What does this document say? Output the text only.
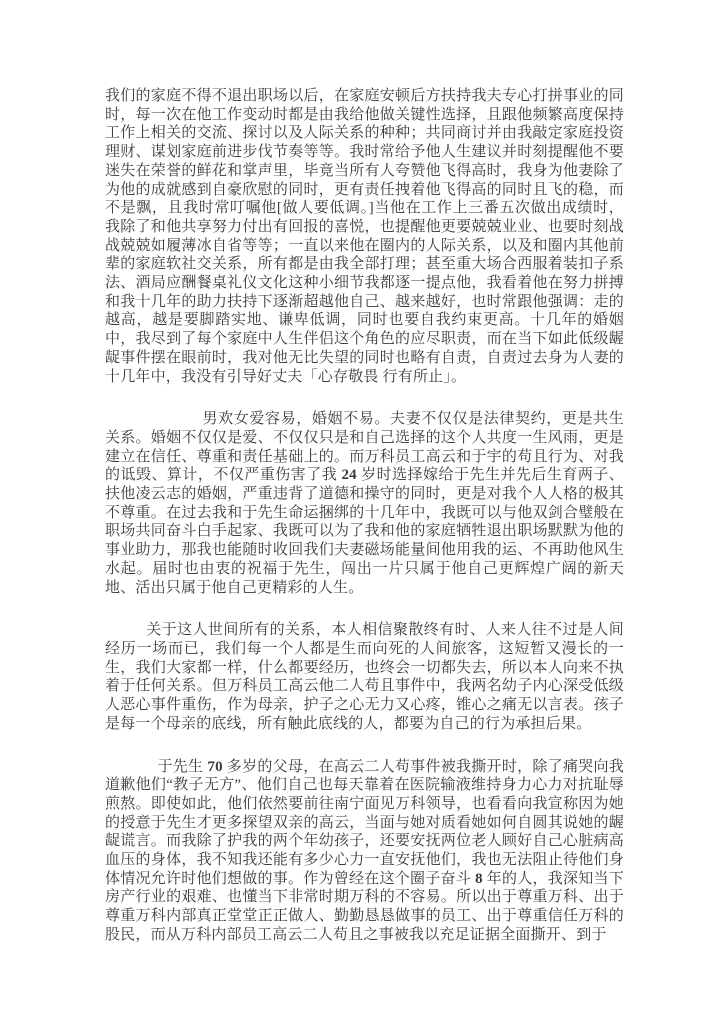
我们的家庭不得不退出职场以后，在家庭安顿后方扶持我夫专心打拼事业的同时，每一次在他工作变动时都是由我给他做关键性选择，且跟他频繁高度保持工作上相关的交流、探讨以及人际关系的种种；共同商讨并由我敲定家庭投资理财、谋划家庭前进步伐节奏等等。我时常给予他人生建议并时刻提醒他不要迷失在荣誉的鲜花和掌声里，毕竟当所有人夸赞他飞得高时，我身为他妻除了为他的成就感到自豪欣慰的同时，更有责任拽着他飞得高的同时且飞的稳，而不是飘，且我时常叮嘱他[做人要低调。]当他在工作上三番五次做出成绩时，我除了和他共享努力付出有回报的喜悦，也提醒他更要兢兢业业、也要时刻战战兢兢如履薄冰自省等等；一直以来他在圈内的人际关系，以及和圈内其他前辈的家庭软社交关系，所有都是由我全部打理；甚至重大场合西服着装扣子系法、酒局应酬餐桌礼仪文化这种小细节我都逐一提点他，我看着他在努力拼搏和我十几年的助力扶持下逐渐超越他自己、越来越好，也时常跟他强调：走的越高，越是要脚踏实地、谦卑低调，同时也要自我约束更高。十几年的婚姻中，我尽到了每个家庭中人生伴侣这个角色的应尽职责，而在当下如此低级龌龊事件摆在眼前时，我对他无比失望的同时也略有自责，自责过去身为人妻的十几年中，我没有引导好丈夫「心存敬畏 行有所止」。

男欢女爱容易，婚姻不易。夫妻不仅仅是法律契约，更是共生关系。婚姻不仅仅是爱、不仅仅只是和自己选择的这个人共度一生风雨，更是建立在信任、尊重和责任基础上的。而万科员工高云和于宇的苟且行为、对我的诋毁、算计，不仅严重伤害了我 24 岁时选择嫁给于先生并先后生育两子、扶他凌云志的婚姻，严重违背了道德和操守的同时，更是对我个人人格的极其不尊重。在过去我和于先生命运捆绑的十几年中，我既可以与他双剑合璧般在职场共同奋斗白手起家、我既可以为了我和他的家庭牺牲退出职场默默为他的事业助力，那我也能随时收回我们夫妻磁场能量间他用我的运、不再助他风生水起。届时也由衷的祝福于先生，闯出一片只属于他自己更辉煌广阔的新天地、活出只属于他自己更精彩的人生。

关于这人世间所有的关系，本人相信聚散终有时、人来人往不过是人间经历一场而已，我们每一个人都是生而向死的人间旅客，这短暂又漫长的一生，我们大家都一样，什么都要经历，也终会一切都失去，所以本人向来不执着于任何关系。但万科员工高云他二人苟且事件中，我两名幼子内心深受低级人恶心事件重伤，作为母亲，护子之心无力又心疼，锥心之痛无以言表。孩子是每一个母亲的底线，所有触此底线的人，都要为自己的行为承担后果。

于先生 70 多岁的父母，在高云二人苟事件被我撕开时，除了痛哭向我道歉他们“教子无方”、他们自己也每天靠着在医院输液维持身力心力对抗耻辱煎熬。即使如此，他们依然要前往南宁面见万科领导，也看看向我宣称因为她的授意于先生才更多探望双亲的高云，当面与她对质看她如何自圆其说她的龌龊谎言。而我除了护我的两个年幼孩子，还要安抚两位老人顾好自己心脏病高血压的身体，我不知我还能有多少心力一直安抚他们，我也无法阻止待他们身体情况允许时他们想做的事。作为曾经在这个圈子奋斗 8 年的人，我深知当下房产行业的艰难、也懂当下非常时期万科的不容易。所以出于尊重万科、出于尊重万科内部真正堂堂正正做人、勤勤恳恳做事的员工、出于尊重信任万科的股民，而从万科内部员工高云二人苟且之事被我以充足证据全面撕开、到于
